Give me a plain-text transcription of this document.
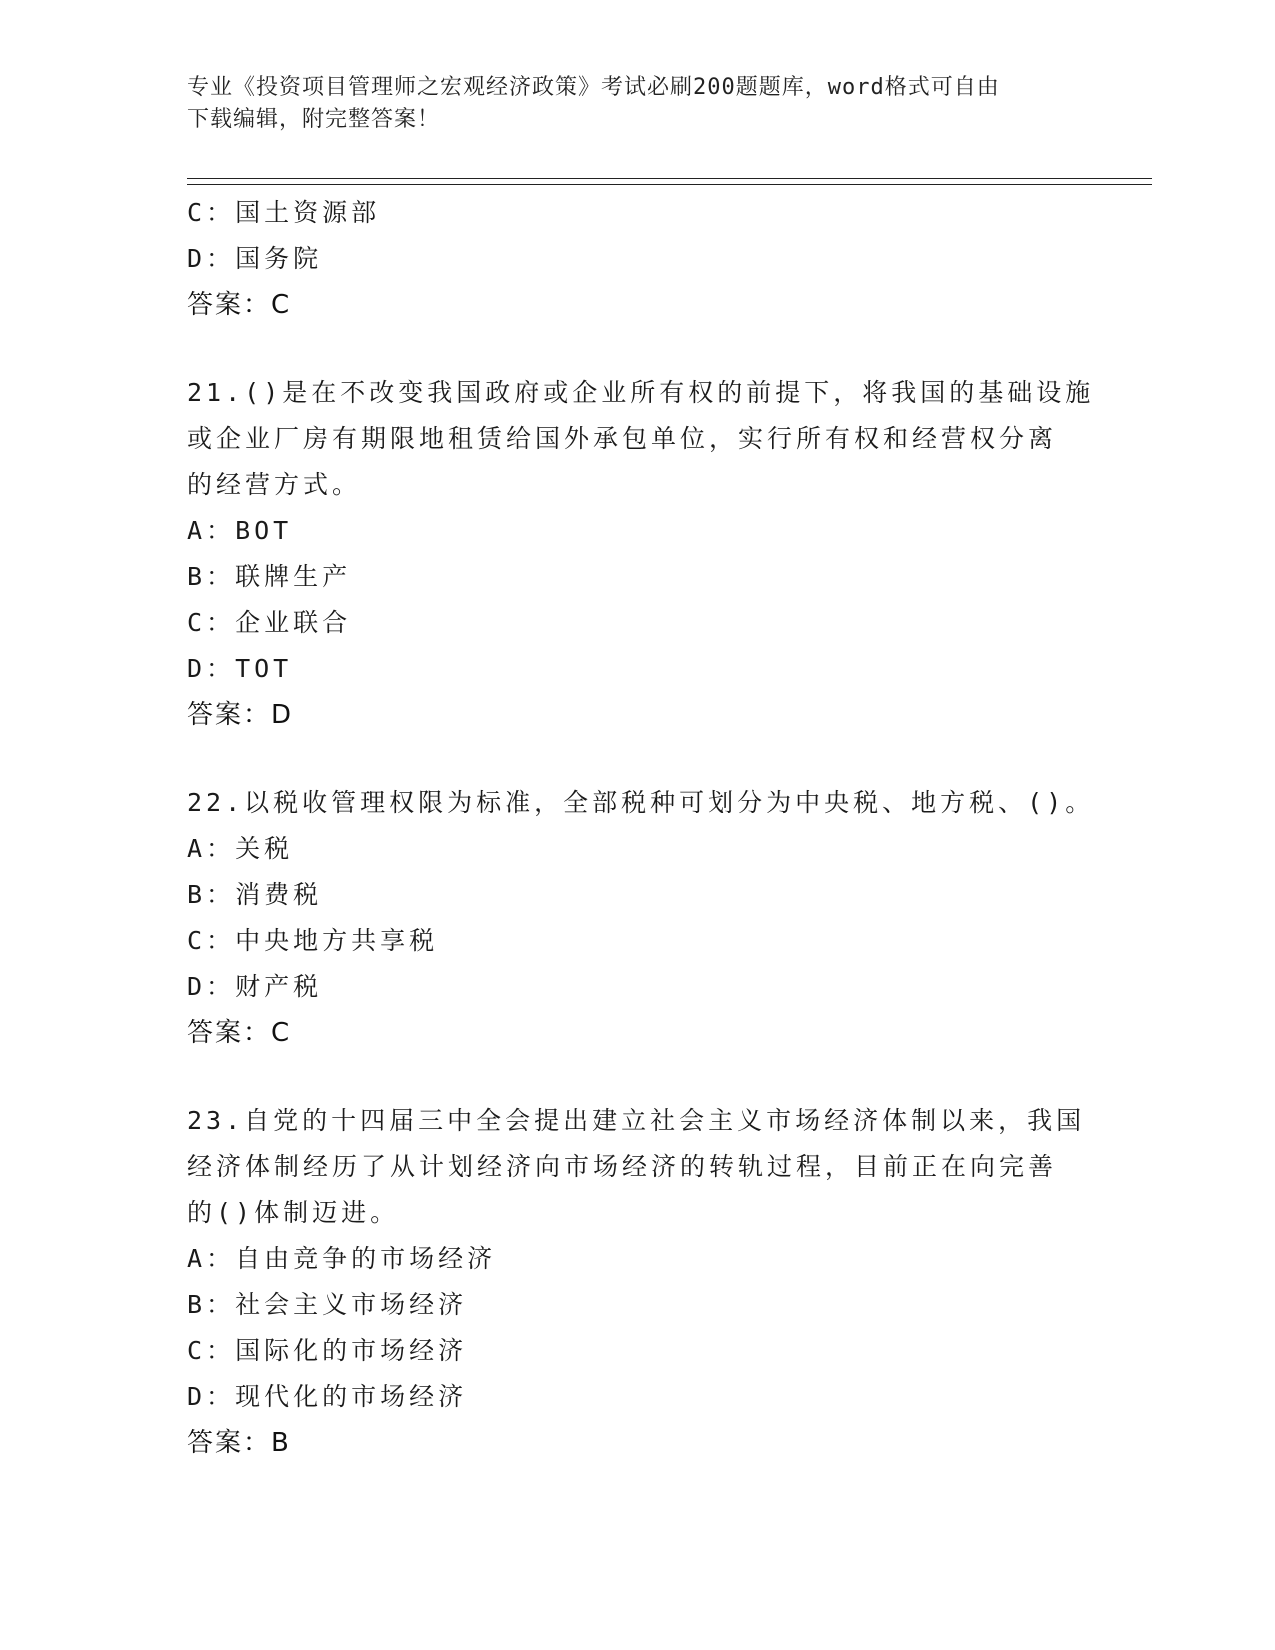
专业《投资项目管理师之宏观经济政策》考试必刷200题题库，word格式可自由
下载编辑，附完整答案！
C：国土资源部
D：国务院
答案：C
21.()是在不改变我国政府或企业所有权的前提下，将我国的基础设施
或企业厂房有期限地租赁给国外承包单位，实行所有权和经营权分离
的经营方式。
A：BOT
B：联牌生产
C：企业联合
D：TOT
答案：D
22.以税收管理权限为标准，全部税种可划分为中央税、地方税、()。
A：关税
B：消费税
C：中央地方共享税
D：财产税
答案：C
23.自党的十四届三中全会提出建立社会主义市场经济体制以来，我国
经济体制经历了从计划经济向市场经济的转轨过程，目前正在向完善
的()体制迈进。
A：自由竞争的市场经济
B：社会主义市场经济
C：国际化的市场经济
D：现代化的市场经济
答案：B
